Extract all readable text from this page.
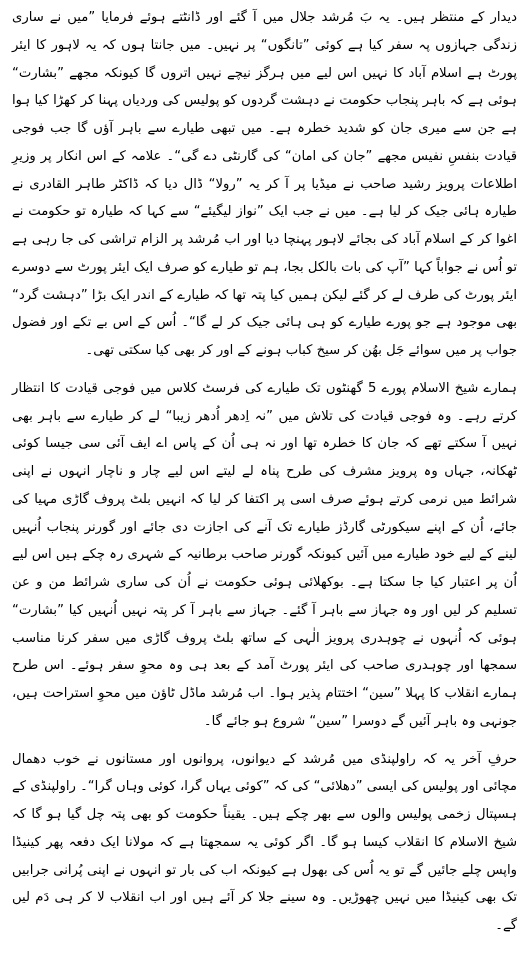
دیدار کے منتظر ہیں۔ یہ بَ مُرشد جلال میں آ گئے اور ڈانٹتے ہوئے فرمایا ”میں نے ساری زندگی جہازوں پہ سفر کیا ہے کوئی ”تانگوں“ پر نہیں۔ میں جانتا ہوں کہ یہ لاہور کا ایئر پورٹ ہے اسلام آباد کا نہیں اس لیے میں ہرگز نیچے نہیں اتروں گا کیونکہ مجھے ”بشارت“ ہوئی ہے کہ باہر پنجاب حکومت نے دہشت گردوں کو پولیس کی وردیاں پہنا کر کھڑا کیا ہوا ہے جن سے میری جان کو شدید خطرہ ہے۔ میں تبھی طیارے سے باہر آؤں گا جب فوجی قیادت بنفسِ نفیس مجھے ”جان کی امان“ کی گارنٹی دے گی“۔ علامہ کے اس انکار پر وزیرِ اطلاعات پرویز رشید صاحب نے میڈیا پر آ کر یہ ”رولا“ ڈال دیا کہ ڈاکٹر طاہر القادری نے طیارہ ہائی جیک کر لیا ہے۔ میں نے جب ایک ”نواز لیگیئے“ سے کہا کہ طیارہ تو حکومت نے اغوا کر کے اسلام آباد کی بجائے لاہور پہنچا دیا اور اب مُرشد پر الزام تراشی کی جا رہی ہے تو اُس نے جواباً کہا ”آپ کی بات بالکل بجا، ہم تو طیارے کو صرف ایک ایئر پورٹ سے دوسرے ایئر پورٹ کی طرف لے کر گئے لیکن ہمیں کیا پتہ تھا کہ طیارے کے اندر ایک بڑا ”دہشت گرد“ بھی موجود ہے جو پورے طیارے کو ہی ہائی جیک کر لے گا“۔ اُس کے اس بے تکے اور فضول جواب پر میں سوائے جَل بھُن کر سیخ کباب ہونے کے اور کر بھی کیا سکتی تھی۔

ہمارے شیخ الاسلام پورے 5 گھنٹوں تک طیارے کی فرسٹ کلاس میں فوجی قیادت کا انتظار کرتے رہے۔ وہ فوجی قیادت کی تلاش میں ”نہ اِدھر اُدھر زیبا“ لے کر طیارے سے باہر بھی نہیں آ سکتے تھے کہ جان کا خطرہ تھا اور نہ ہی اُن کے پاس اے ایف آئی سی جیسا کوئی ٹھکانہ، جہاں وہ پرویز مشرف کی طرح پناہ لے لیتے اس لیے چار و ناچار انہوں نے اپنی شرائط میں نرمی کرتے ہوئے صرف اسی پر اکتفا کر لیا کہ انہیں بلٹ پروف گاڑی مہیا کی جائے، اُن کے اپنے سیکورٹی گارڈز طیارے تک آنے کی اجازت دی جائے اور گورنر پنجاب اُنہیں لینے کے لیے خود طیارے میں آئیں کیونکہ گورنر صاحب برطانیہ کے شہری رہ چکے ہیں اس لیے اُن پر اعتبار کیا جا سکتا ہے۔ بوکھلائی ہوئی حکومت نے اُن کی ساری شرائط من و عن تسلیم کر لیں اور وہ جہاز سے باہر آ گئے۔ جہاز سے باہر آ کر پتہ نہیں اُنہیں کیا ”بشارت“ ہوئی کہ اُنہوں نے چوہدری پرویز الٰہی کے ساتھ بلٹ پروف گاڑی میں سفر کرنا مناسب سمجھا اور چوہدری صاحب کی ایئر پورٹ آمد کے بعد ہی وہ محوِ سفر ہوئے۔ اس طرح ہمارے انقلاب کا پہلا ”سین“ اختتام پذیر ہوا۔ اب مُرشد ماڈل ٹاؤن میں محوِ استراحت ہیں، جونہی وہ باہر آئیں گے دوسرا ”سین“ شروع ہو جائے گا۔

حرفِ آخر یہ کہ راولپنڈی میں مُرشد کے دیوانوں، پروانوں اور مستانوں نے خوب دھمال مچائی اور پولیس کی ایسی ”دھلائی“ کی کہ ”کوئی یہاں گرا، کوئی وہاں گرا“۔ راولپنڈی کے ہسپتال زخمی پولیس والوں سے بھر چکے ہیں۔ یقیناً حکومت کو بھی پتہ چل گیا ہو گا کہ شیخ الاسلام کا انقلاب کیسا ہو گا۔ اگر کوئی یہ سمجھتا ہے کہ مولانا ایک دفعہ پھر کینیڈا واپس چلے جائیں گے تو یہ اُس کی بھول ہے کیونکہ اب کی بار تو انہوں نے اپنی پُرانی جرابیں تک بھی کینیڈا میں نہیں چھوڑیں۔ وہ سینے جلا کر آئے ہیں اور اب انقلاب لا کر ہی دَم لیں گے۔
